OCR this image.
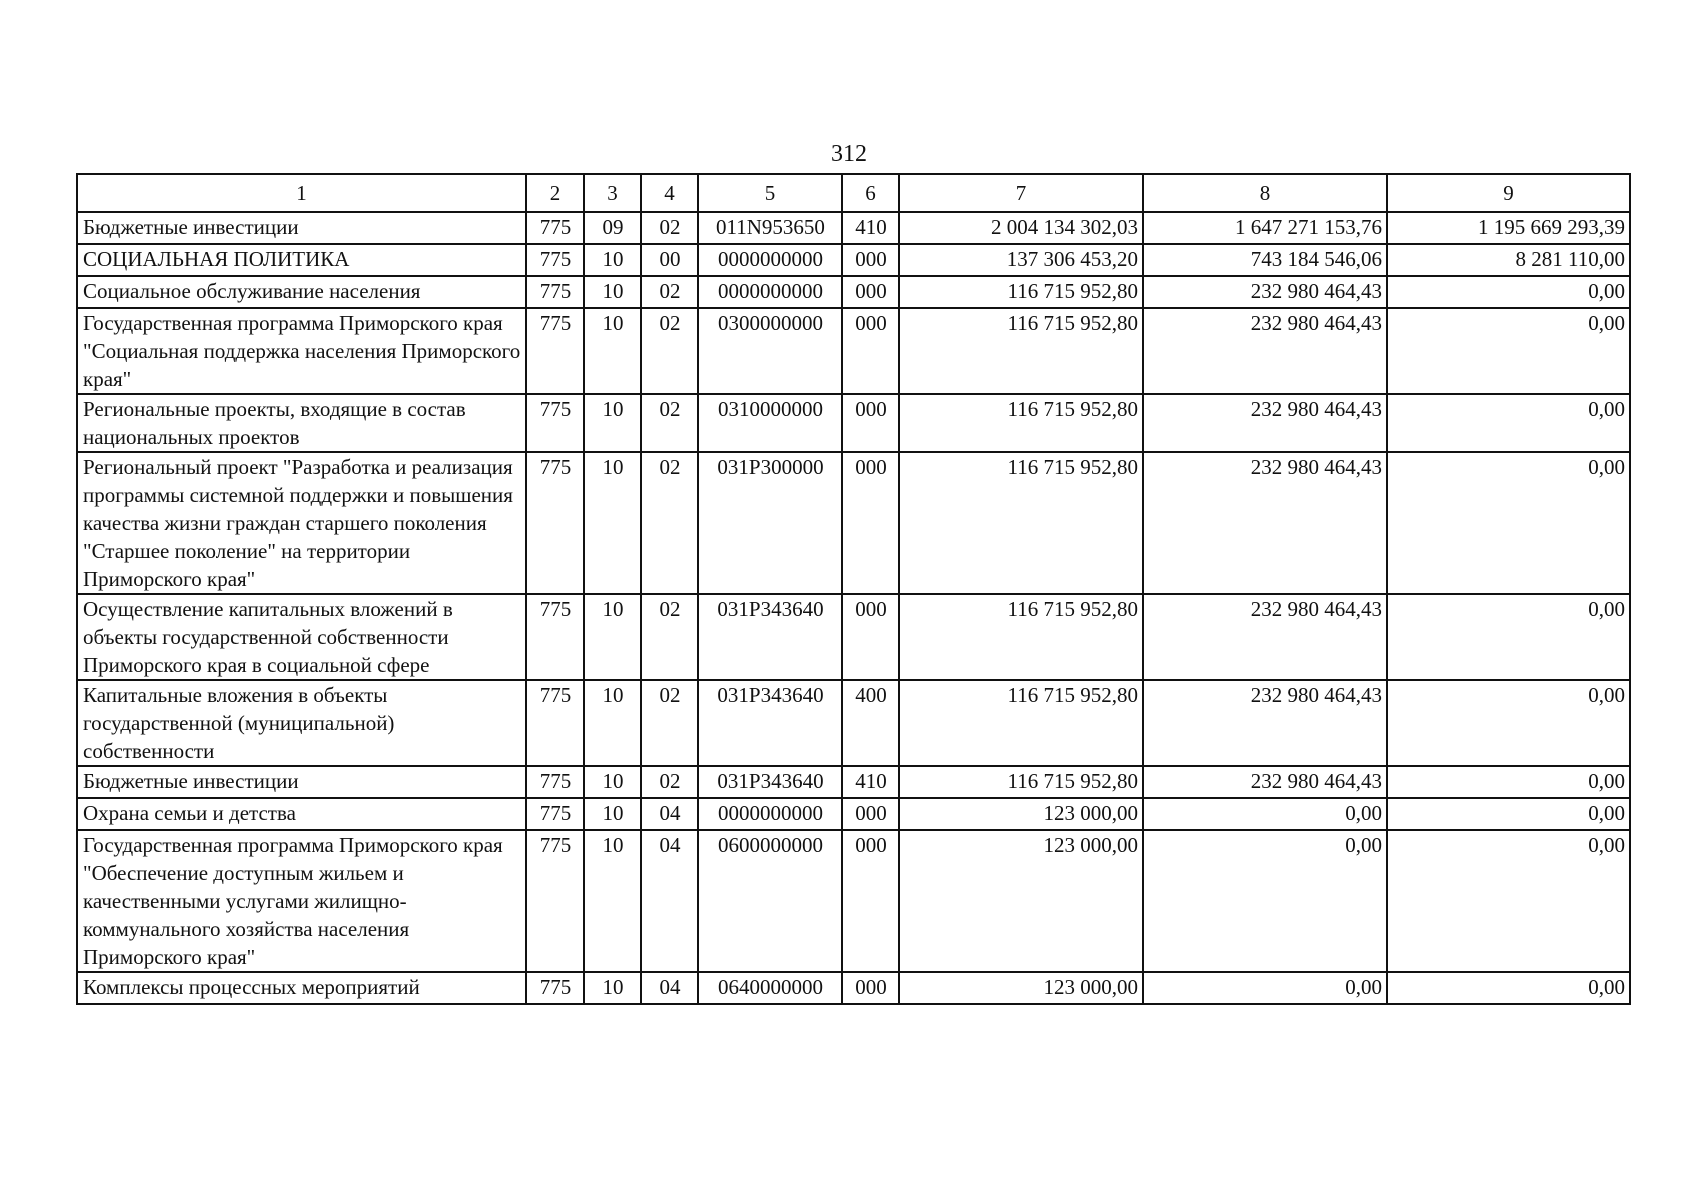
312
1	2	3	4	5	6	7	8	9
Бюджетные инвестиции	775	09	02	011N953650	410	2 004 134 302,03	1 647 271 153,76	1 195 669 293,39
СОЦИАЛЬНАЯ ПОЛИТИКА	775	10	00	0000000000	000	137 306 453,20	743 184 546,06	8 281 110,00
Социальное обслуживание населения	775	10	02	0000000000	000	116 715 952,80	232 980 464,43	0,00
Государственная программа Приморского края "Социальная поддержка населения Приморского края"	775	10	02	0300000000	000	116 715 952,80	232 980 464,43	0,00
Региональные проекты, входящие в состав национальных проектов	775	10	02	0310000000	000	116 715 952,80	232 980 464,43	0,00
Региональный проект "Разработка и реализация программы системной поддержки и повышения качества жизни граждан старшего поколения "Старшее поколение" на территории Приморского края"	775	10	02	031P300000	000	116 715 952,80	232 980 464,43	0,00
Осуществление капитальных вложений в объекты государственной собственности Приморского края в социальной сфере	775	10	02	031P343640	000	116 715 952,80	232 980 464,43	0,00
Капитальные вложения в объекты государственной (муниципальной) собственности	775	10	02	031P343640	400	116 715 952,80	232 980 464,43	0,00
Бюджетные инвестиции	775	10	02	031P343640	410	116 715 952,80	232 980 464,43	0,00
Охрана семьи и детства	775	10	04	0000000000	000	123 000,00	0,00	0,00
Государственная программа Приморского края "Обеспечение доступным жильем и качественными услугами жилищно-коммунального хозяйства населения Приморского края"	775	10	04	0600000000	000	123 000,00	0,00	0,00
Комплексы процессных мероприятий	775	10	04	0640000000	000	123 000,00	0,00	0,00
